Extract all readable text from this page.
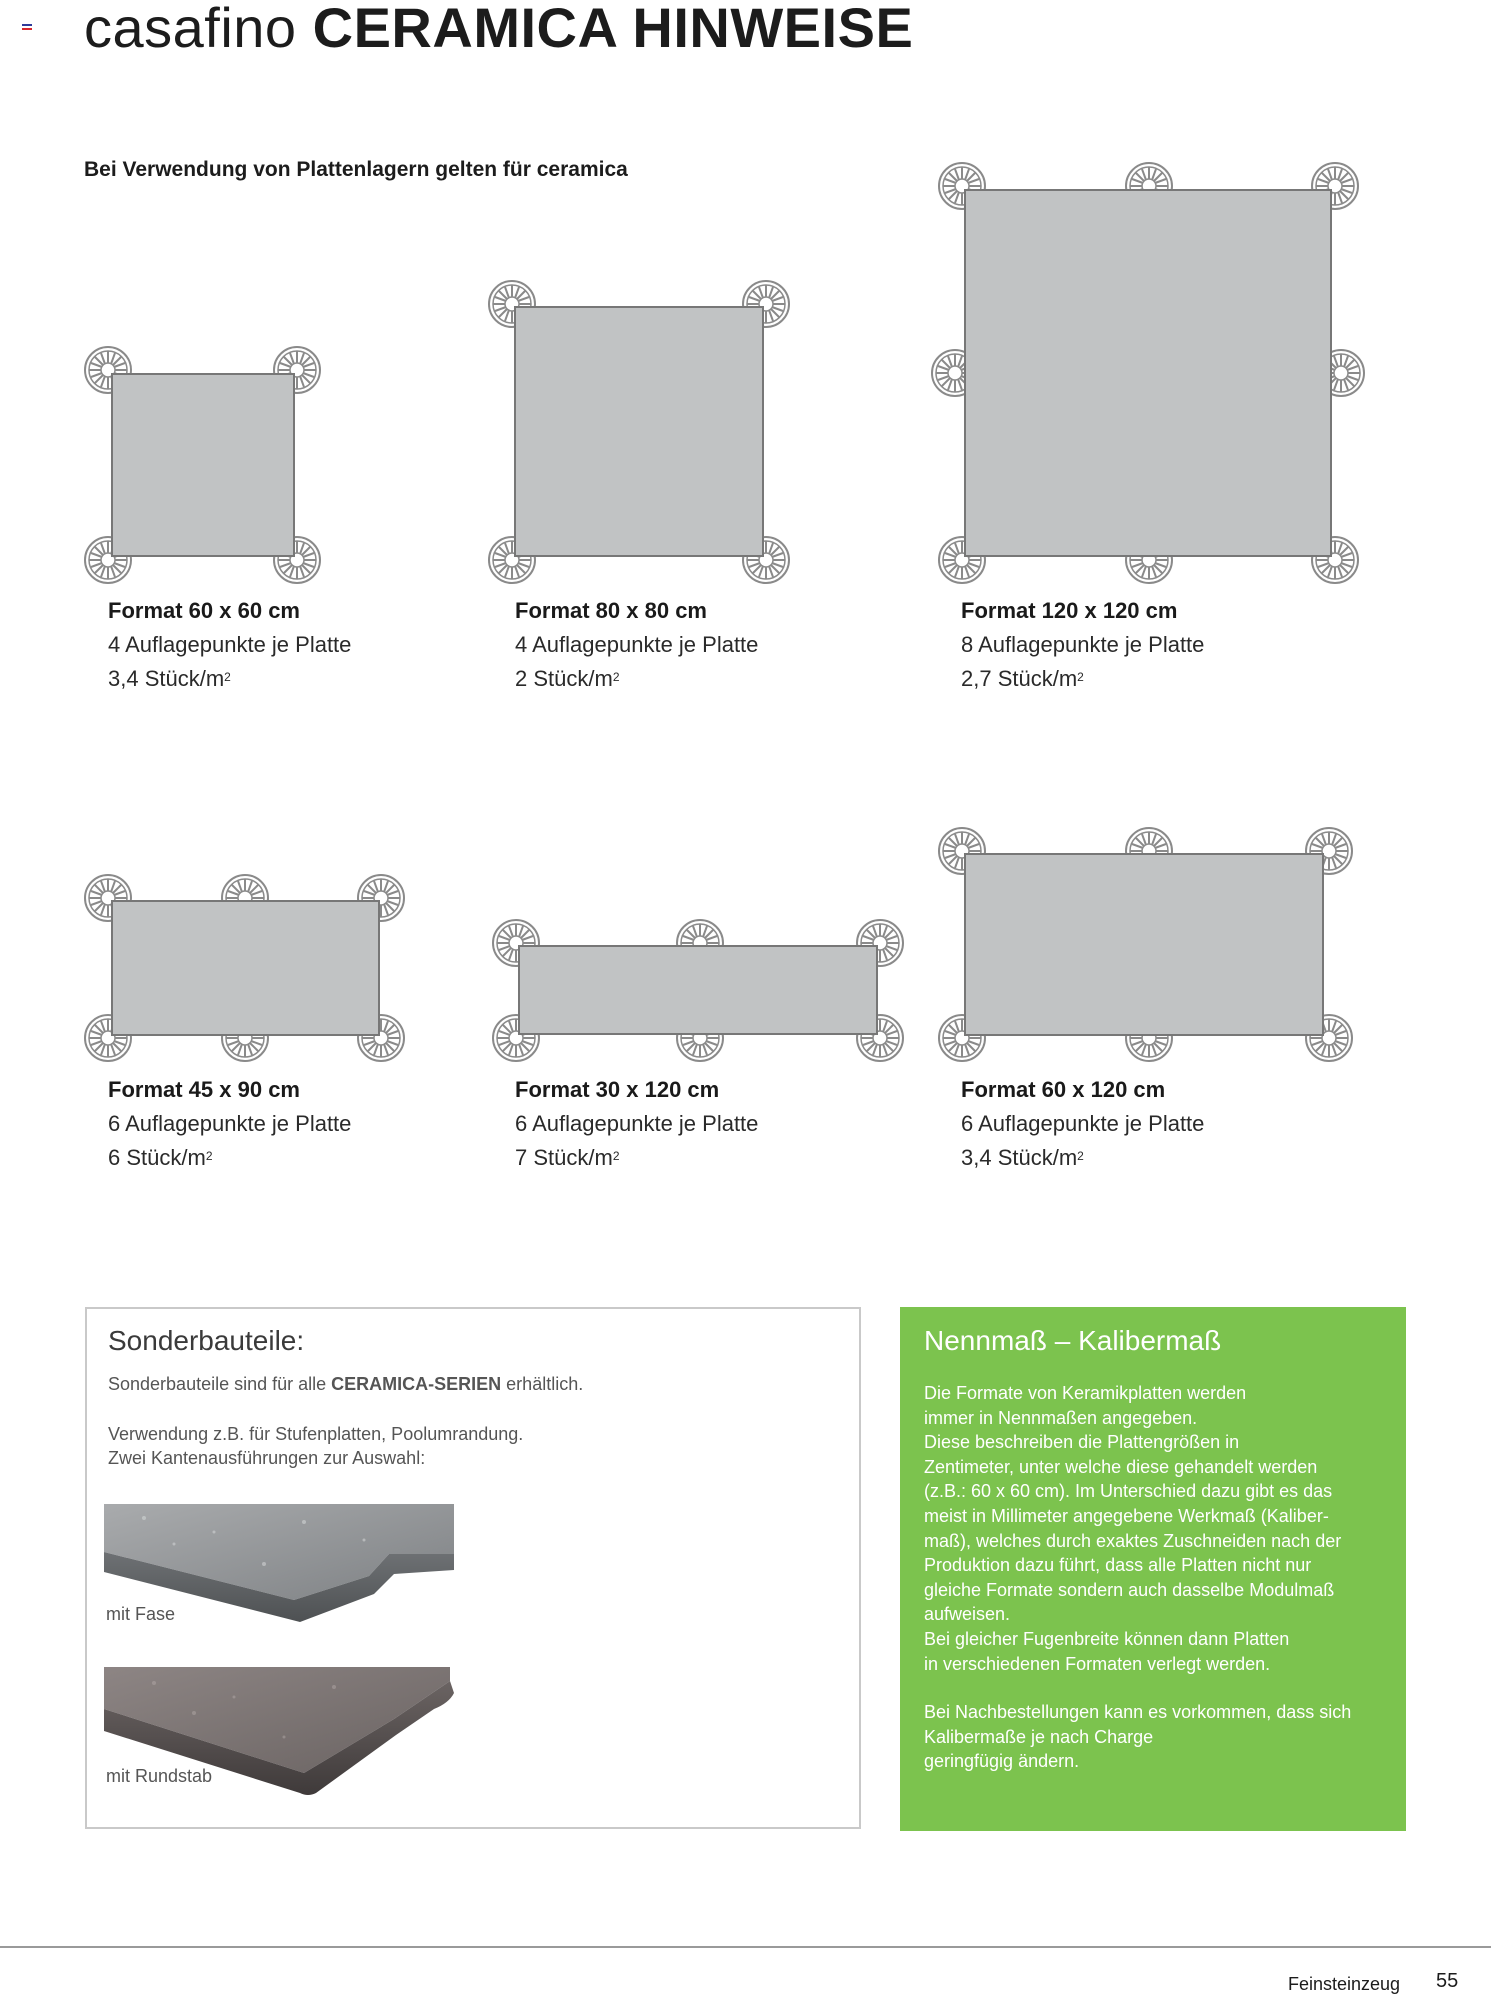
casafino CERAMICA HINWEISE
Bei Verwendung von Plattenlagern gelten für ceramica
Format 60 x 60 cm
4 Auflagepunkte je Platte
3,4 Stück/$m^2$
Format 80 x 80 cm
4 Auflagepunkte je Platte
2 Stück/$m^2$
Format 120 x 120 cm
8 Auflagepunkte je Platte
2,7 Stück/$m^2$
Format 45 x 90 cm
6 Auflagepunkte je Platte
6 Stück/$m^2$
Format 30 x 120 cm
6 Auflagepunkte je Platte
7 Stück/$m^2$
Format 60 x 120 cm
6 Auflagepunkte je Platte
3,4 Stück/$m^2$
Sonderbauteile:
Sonderbauteile sind für alle CERAMICA-SERIEN erhältlich.
Verwendung z.B. für Stufenplatten, Poolumrandung.
Zwei Kantenausführungen zur Auswahl:
mit Fase
mit Rundstab
Nennmaß – Kalibermaß
Die Formate von Keramikplatten werden
immer in Nennmaßen angegeben.
Diese beschreiben die Plattengrößen in
Zentimeter, unter welche diese gehandelt werden
(z.B.: 60 x 60 cm). Im Unterschied dazu gibt es das
meist in Millimeter angegebene Werkmaß (Kaliber-
maß), welches durch exaktes Zuschneiden nach der
Produktion dazu führt, dass alle Platten nicht nur
gleiche Formate sondern auch dasselbe Modulmaß
aufweisen.
Bei gleicher Fugenbreite können dann Platten
in verschiedenen Formaten verlegt werden.
Bei Nachbestellungen kann es vorkommen, dass sich
Kalibermaße je nach Charge
geringfügig ändern.
Feinsteinzeug 55
